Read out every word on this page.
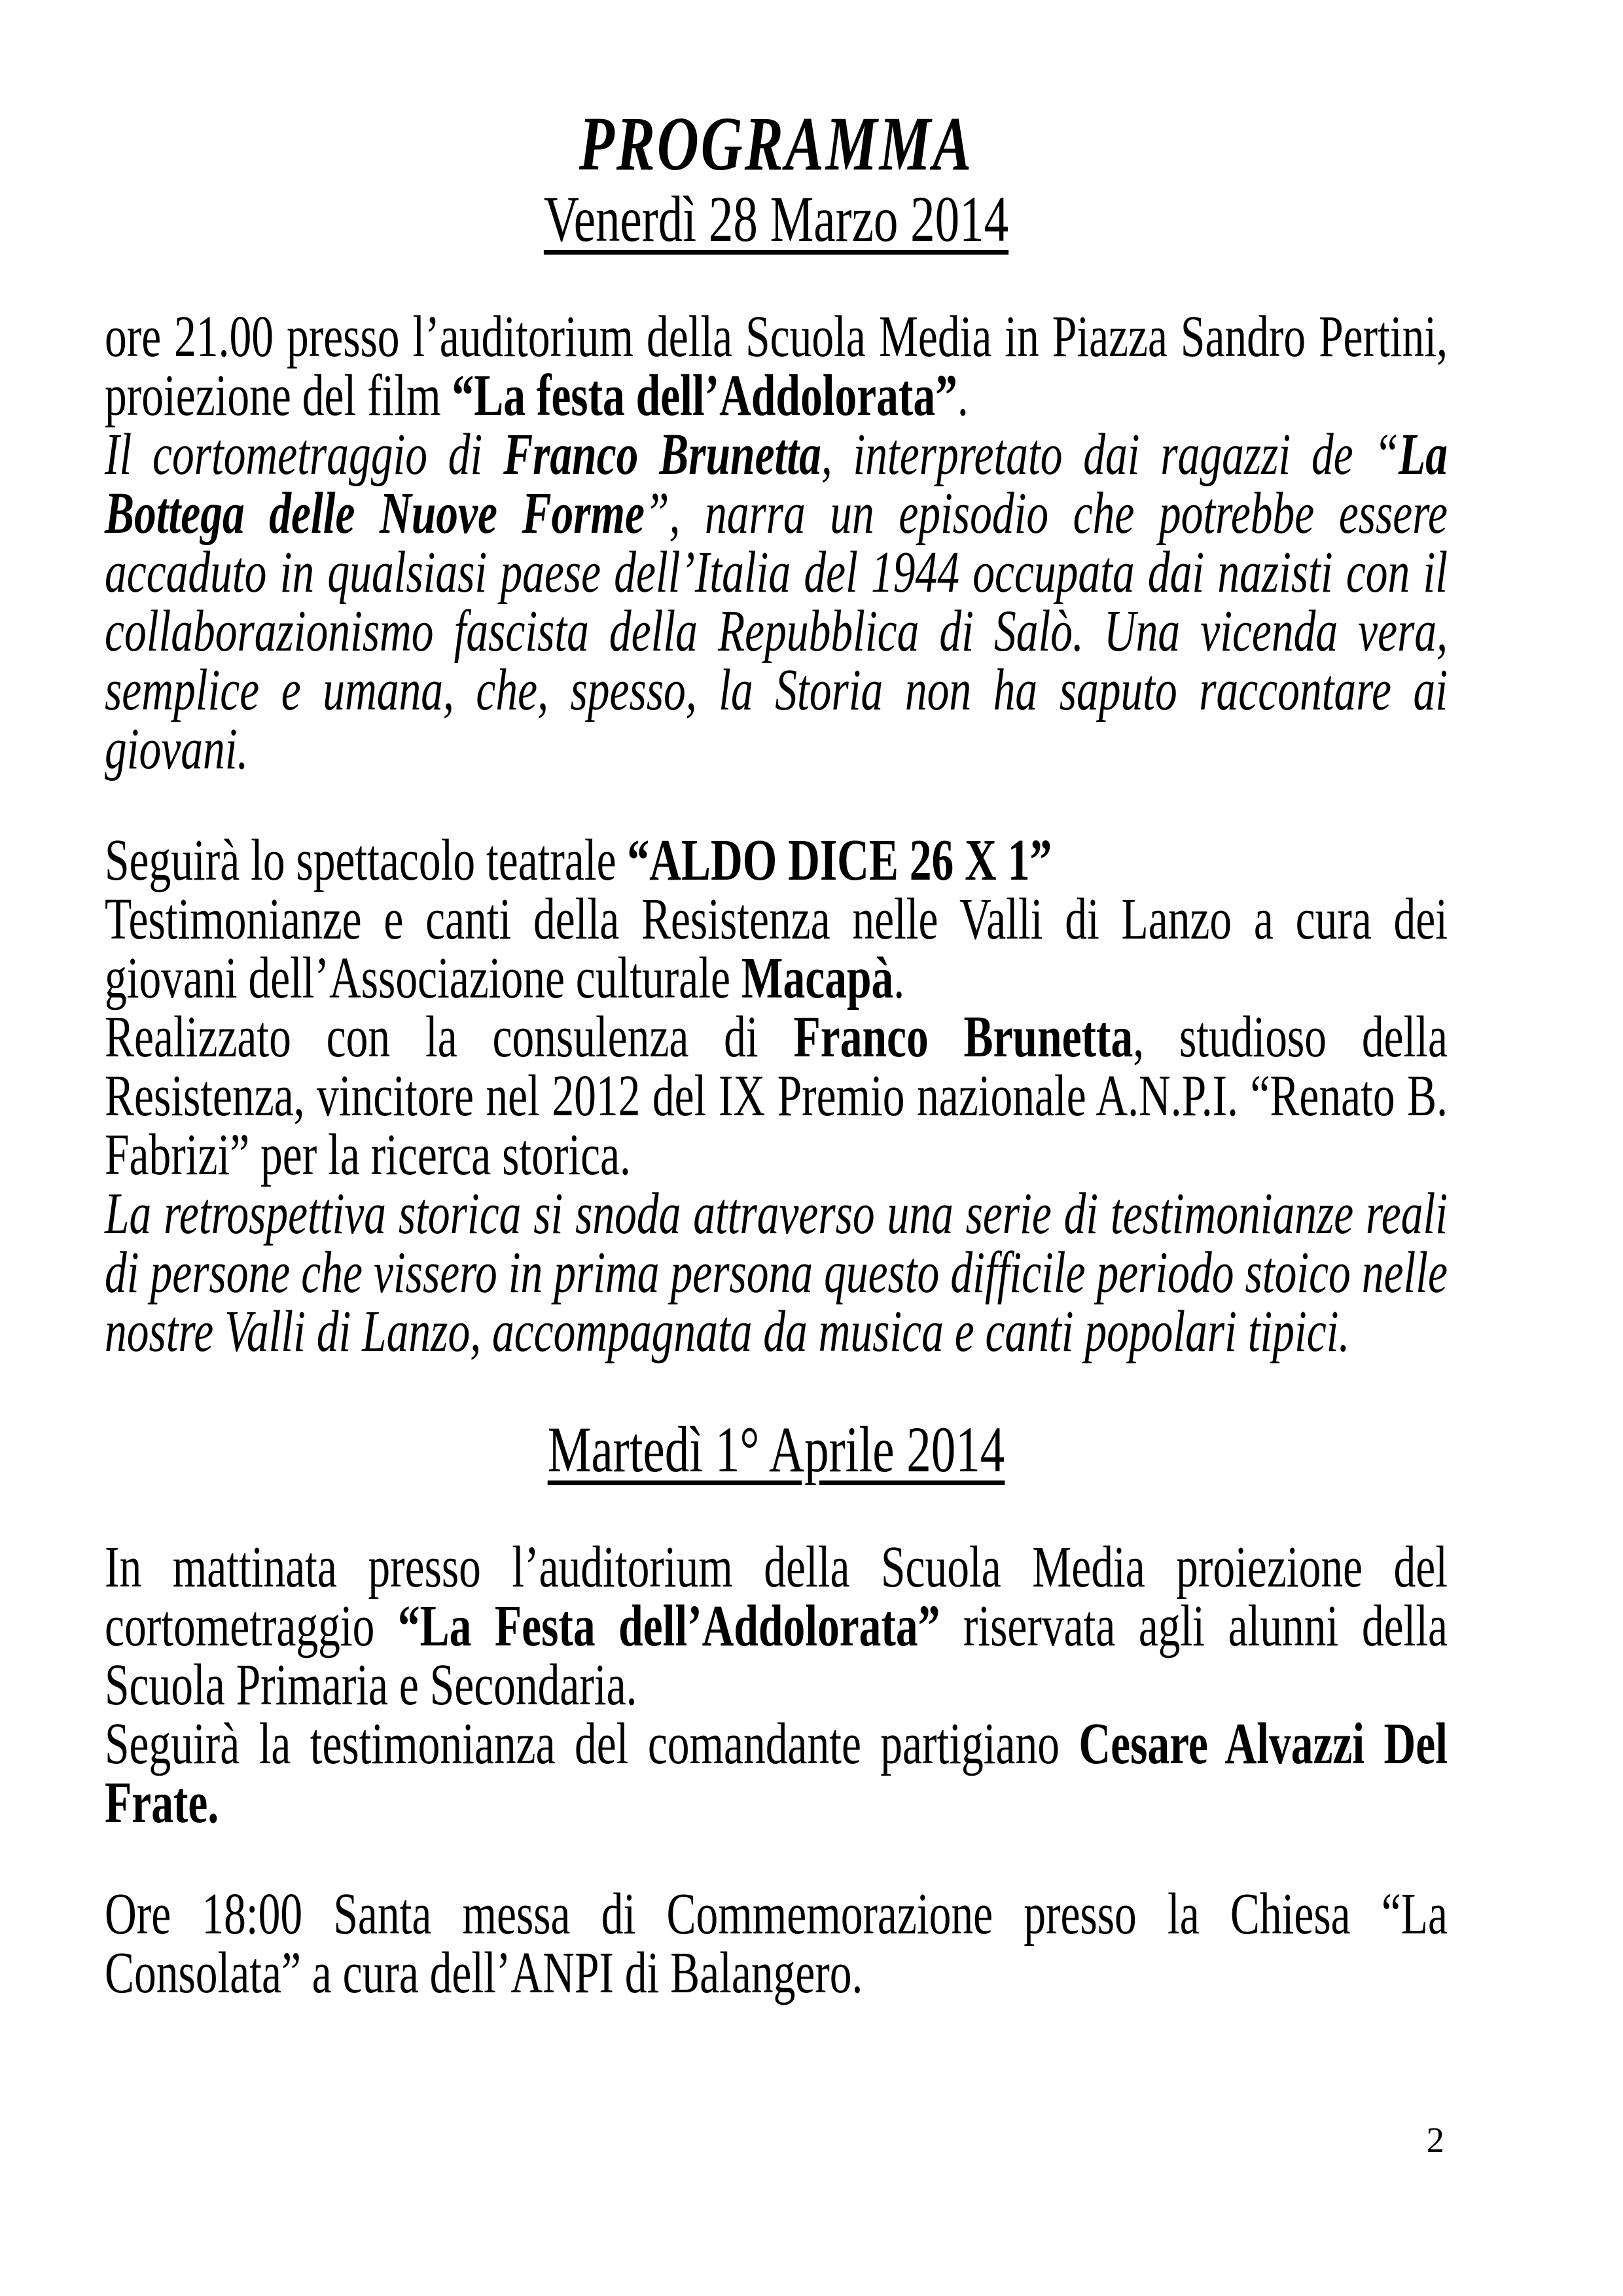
PROGRAMMA
Venerdì 28 Marzo 2014

ore 21.00 presso l’auditorium della Scuola Media in Piazza Sandro Pertini, proiezione del film “La festa dell’Addolorata”.

Il cortometraggio di Franco Brunetta, interpretato dai ragazzi de “La Bottega delle Nuove Forme”, narra un episodio che potrebbe essere accaduto in qualsiasi paese dell’Italia del 1944 occupata dai nazisti con il collaborazionismo fascista della Repubblica di Salò. Una vicenda vera, semplice e umana, che, spesso, la Storia non ha saputo raccontare ai giovani.

Seguirà lo spettacolo teatrale “ALDO DICE 26 X 1”

Testimonianze e canti della Resistenza nelle Valli di Lanzo a cura dei giovani dell’Associazione culturale Macapà.

Realizzato con la consulenza di Franco Brunetta, studioso della Resistenza, vincitore nel 2012 del IX Premio nazionale A.N.P.I. “Renato B. Fabrizi” per la ricerca storica.

La retrospettiva storica si snoda attraverso una serie di testimonianze reali di persone che vissero in prima persona questo difficile periodo stoico nelle nostre Valli di Lanzo, accompagnata da musica e canti popolari tipici.

Martedì 1° Aprile 2014

In mattinata presso l’auditorium della Scuola Media proiezione del cortometraggio “La Festa dell’Addolorata” riservata agli alunni della Scuola Primaria e Secondaria.

Seguirà la testimonianza del comandante partigiano Cesare Alvazzi Del Frate.

Ore 18:00 Santa messa di Commemorazione presso la Chiesa “La Consolata” a cura dell’ANPI di Balangero.

2
